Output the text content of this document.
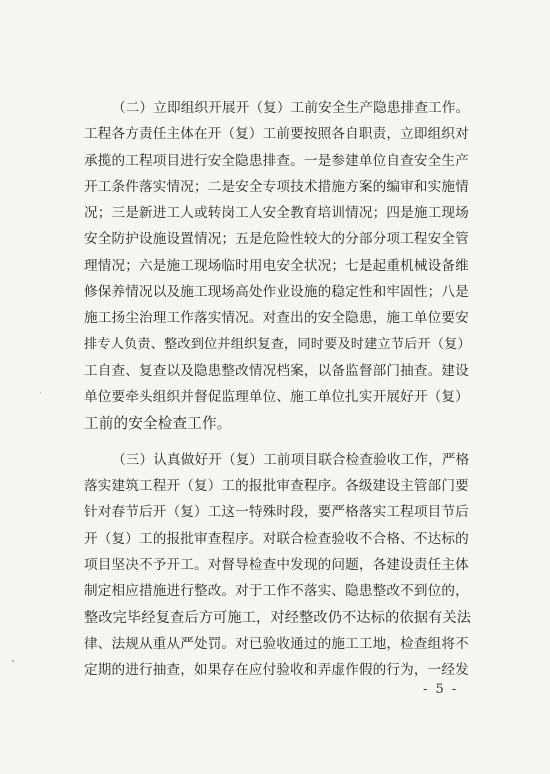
（二）立即组织开展开（复）工前安全生产隐患排查工作。
工程各方责任主体在开（复）工前要按照各自职责，立即组织对
承揽的工程项目进行安全隐患排查。一是参建单位自查安全生产
开工条件落实情况；二是安全专项技术措施方案的编审和实施情
况；三是新进工人或转岗工人安全教育培训情况；四是施工现场
安全防护设施设置情况；五是危险性较大的分部分项工程安全管
理情况；六是施工现场临时用电安全状况；七是起重机械设备维
修保养情况以及施工现场高处作业设施的稳定性和牢固性；八是
施工扬尘治理工作落实情况。对查出的安全隐患，施工单位要安
排专人负责、整改到位并组织复查，同时要及时建立节后开（复）
工自查、复查以及隐患整改情况档案，以备监督部门抽查。建设
单位要牵头组织并督促监理单位、施工单位扎实开展好开（复）
工前的安全检查工作。
（三）认真做好开（复）工前项目联合检查验收工作，严格
落实建筑工程开（复）工的报批审查程序。各级建设主管部门要
针对春节后开（复）工这一特殊时段，要严格落实工程项目节后
开（复）工的报批审查程序。对联合检查验收不合格、不达标的
项目坚决不予开工。对督导检查中发现的问题，各建设责任主体
制定相应措施进行整改。对于工作不落实、隐患整改不到位的，
整改完毕经复查后方可施工，对经整改仍不达标的依据有关法
律、法规从重从严处罚。对已验收通过的施工工地，检查组将不
定期的进行抽查，如果存在应付验收和弄虚作假的行为，一经发
- 5 -
